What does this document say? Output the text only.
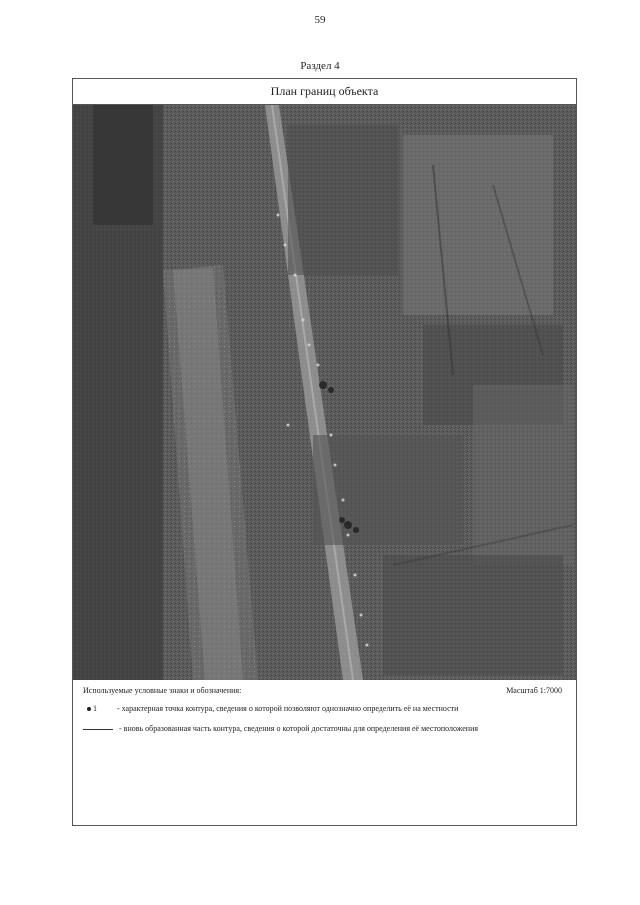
59
Раздел 4
План границ объекта
Используемые условные знаки и обозначения:	Масштаб 1:7000
1	- характерная точка контура, сведения о которой позволяют однозначно определить её на местности
- вновь образованная часть контура, сведения о которой достаточны для определения её местоположения
